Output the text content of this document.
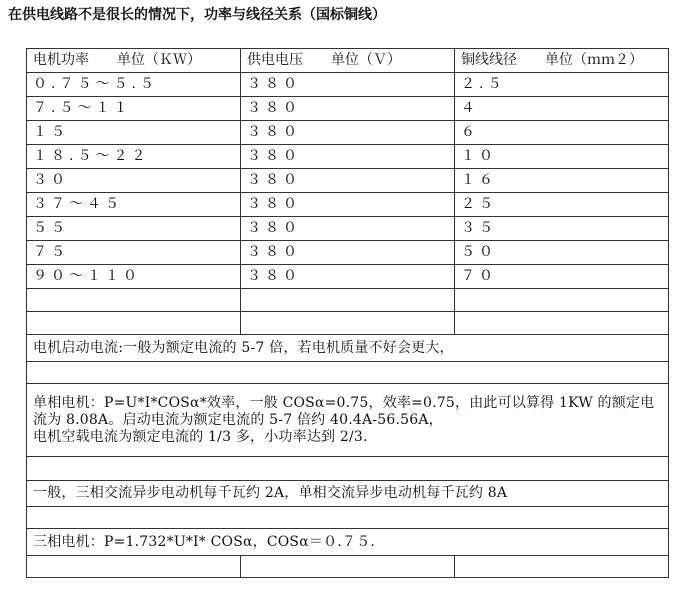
在供电线路不是很长的情况下，功率与线径关系（国标铜线）
电机功率　　单位（ＫＷ）	供电电压　　单位（Ｖ）	铜线线径　　单位（ｍｍ２）
０.７５～５.５	３８０	２.５
７.５～１１	３８０	４
１５	３８０	６
１８.５～２２	３８０	１０
３０	３８０	１６
３７～４５	３８０	２５
５５	３８０	３５
７５	３８０	５０
９０～１１０	３８０	７０

电机启动电流:一般为额定电流的 5-7 倍，若电机质量不好会更大，		

单相电机：P=U*I*COSα*效率，一般 COSα=0.75，效率=0.75，由此可以算得 1KW 的额定电
流为 8.08A。启动电流为额定电流的 5-7 倍约 40.4A-56.56A，
电机空载电流为额定电流的 1/3 多，小功率达到 2/3.		

一般，三相交流异步电动机每千瓦约 2A，单相交流异步电动机每千瓦约 8A		

三相电机：P=1.732*U*I* COSα，COSα＝０.７５.		
